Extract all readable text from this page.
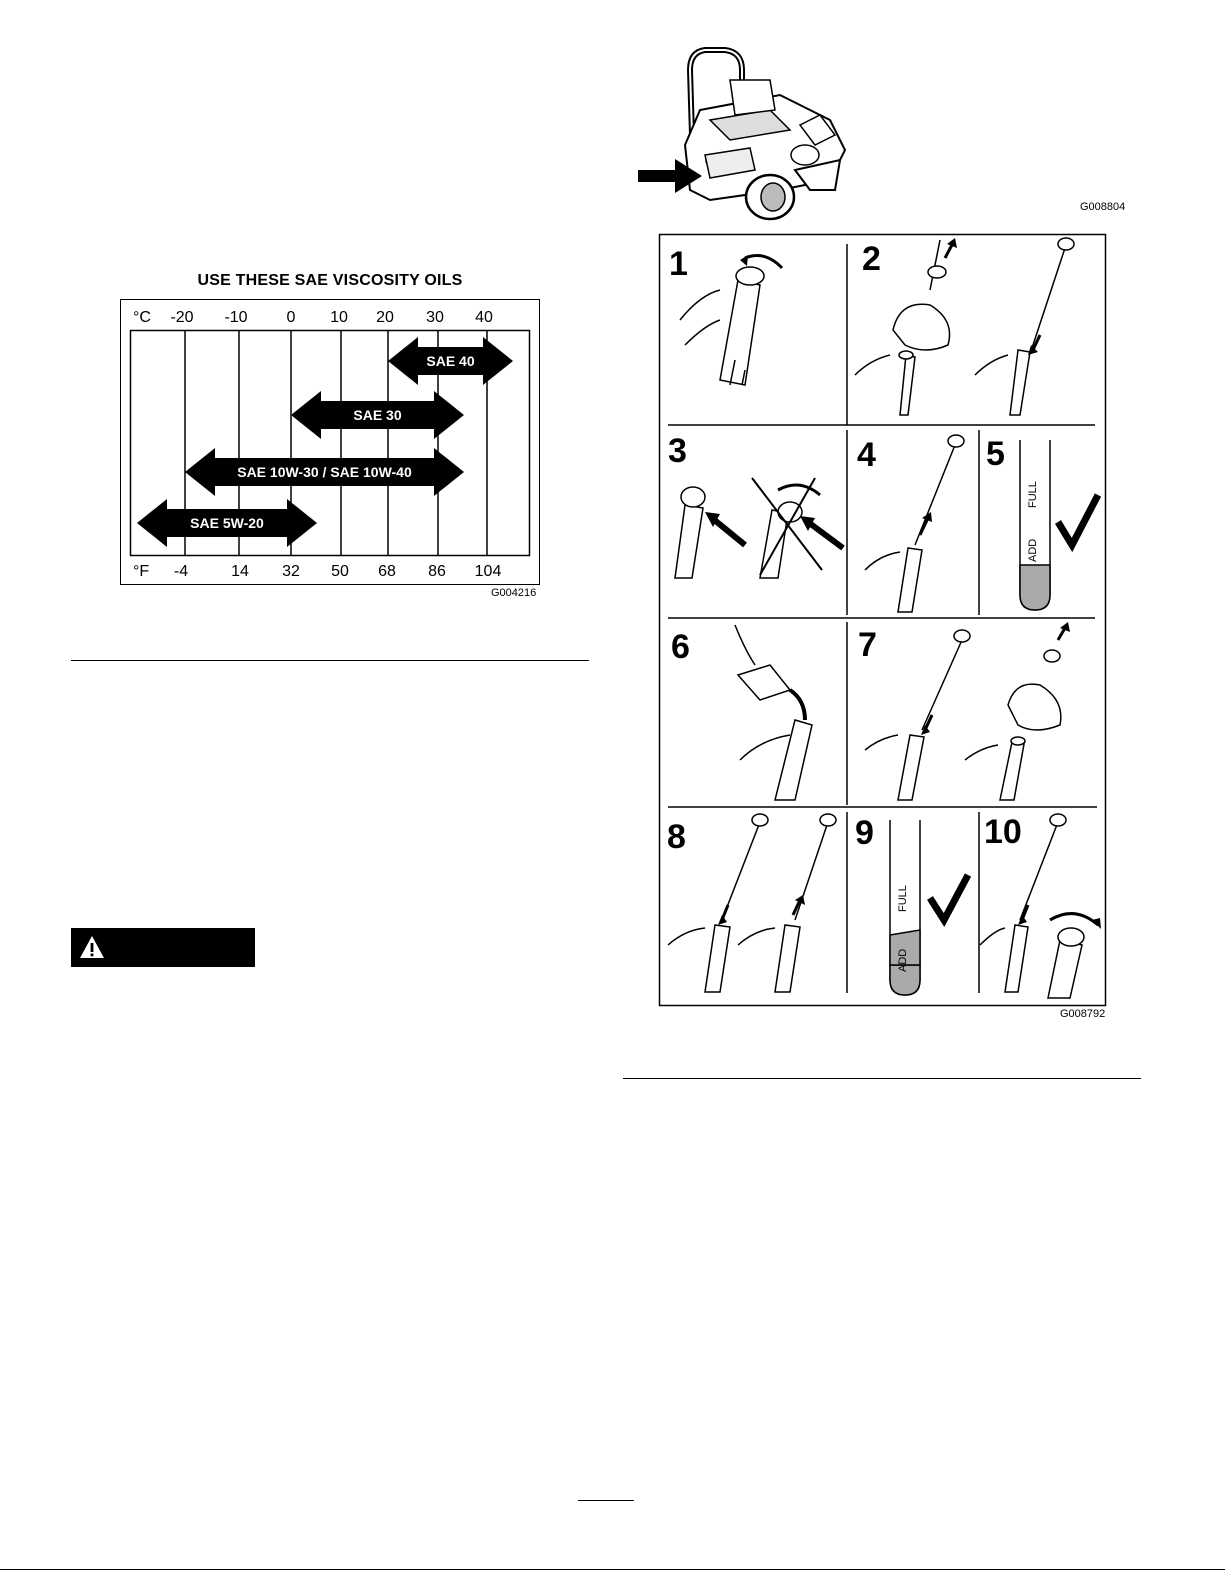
USE THESE SAE VISCOSITY OILS
SAE 40
SAE 30
SAE 10W-30 / SAE 10W-40
SAE 5W-20
°C
°F
-20 -10 0 10 20 30 40
-4	14 32 50 68 86 104
G004216
G008804
1	2
3	4	5
6	7
8	9	10
ADD
FULL
ADD
FULL
G008792
